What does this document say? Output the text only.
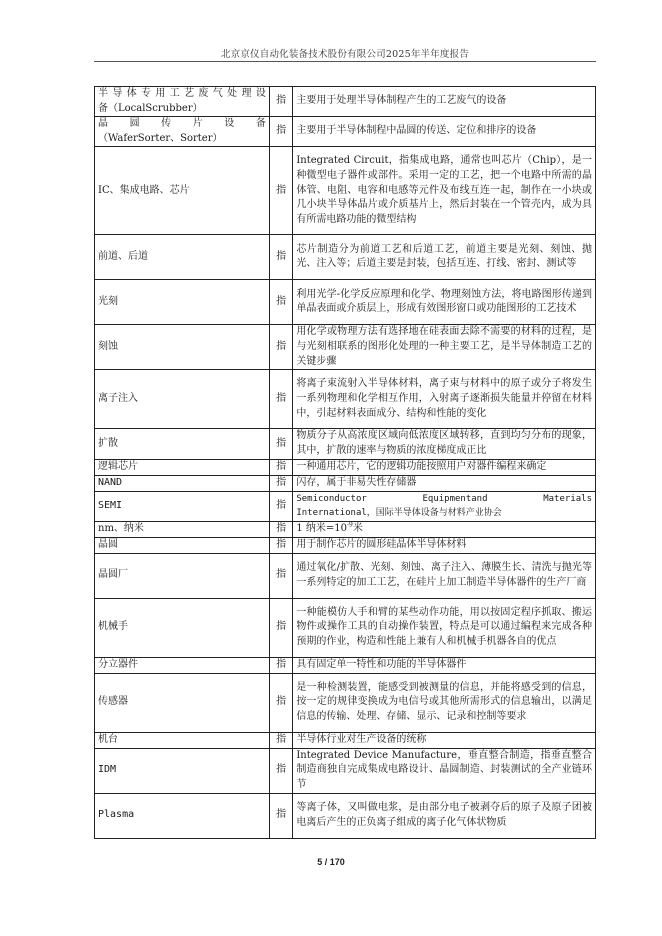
北京京仪自动化装备技术股份有限公司2025年半年度报告
半导体专用工艺废气处理设
备（LocalScrubber）	指	主要用于处理半导体制程产生的工艺废气的设备

晶 圆 传 片 设 备
（WaferSorter、Sorter）	指	主要用于半导体制程中晶圆的传送、定位和排序的设备
IC、集成电路、芯片	指	Integrated Circuit，指集成电路，通常也叫芯片（Chip），是一种微型电子器件或部件。采用一定的工艺，把一个电路中所需的晶体管、电阻、电容和电感等元件及布线互连一起，制作在一小块或几小块半导体晶片或介质基片上，然后封装在一个管壳内，成为具有所需电路功能的微型结构
前道、后道	指	芯片制造分为前道工艺和后道工艺，前道主要是光刻、刻蚀、抛光、注入等；后道主要是封装，包括互连、打线、密封、测试等
光刻	指	利用光学-化学反应原理和化学、物理刻蚀方法，将电路图形传递到单晶表面或介质层上，形成有效图形窗口或功能图形的工艺技术
刻蚀	指	用化学或物理方法有选择地在硅表面去除不需要的材料的过程，是与光刻相联系的图形化处理的一种主要工艺，是半导体制造工艺的关键步骤
离子注入	指	将离子束流射入半导体材料，离子束与材料中的原子或分子将发生一系列物理和化学相互作用，入射离子逐渐损失能量并停留在材料中，引起材料表面成分、结构和性能的变化
扩散	指	物质分子从高浓度区域向低浓度区域转移，直到均匀分布的现象，其中，扩散的速率与物质的浓度梯度成正比
逻辑芯片	指	一种通用芯片，它的逻辑功能按照用户对器件编程来确定
NAND	指	闪存，属于非易失性存储器
SEMI	指	Semiconductor Equipmentand Materials
International，国际半导体设备与材料产业协会

nm、纳米	指	1 纳米$=10^{-9}$米
晶圆	指	用于制作芯片的圆形硅晶体半导体材料
晶圆厂	指	通过氧化/扩散、光刻、刻蚀、离子注入、薄膜生长、清洗与抛光等一系列特定的加工工艺，在硅片上加工制造半导体器件的生产厂商
机械手	指	一种能模仿人手和臂的某些动作功能，用以按固定程序抓取、搬运物件或操作工具的自动操作装置，特点是可以通过编程来完成各种预期的作业，构造和性能上兼有人和机械手机器各自的优点
分立器件	指	具有固定单一特性和功能的半导体器件
传感器	指	是一种检测装置，能感受到被测量的信息，并能将感受到的信息，按一定的规律变换成为电信号或其他所需形式的信息输出，以满足信息的传输、处理、存储、显示、记录和控制等要求
机台	指	半导体行业对生产设备的统称
IDM	指	Integrated Device Manufacture，垂直整合制造，指垂直整合制造商独自完成集成电路设计、晶圆制造、封装测试的全产业链环节
Plasma	指	等离子体，又叫做电浆，是由部分电子被剥夺后的原子及原子团被电离后产生的正负离子组成的离子化气体状物质
5 / 170
